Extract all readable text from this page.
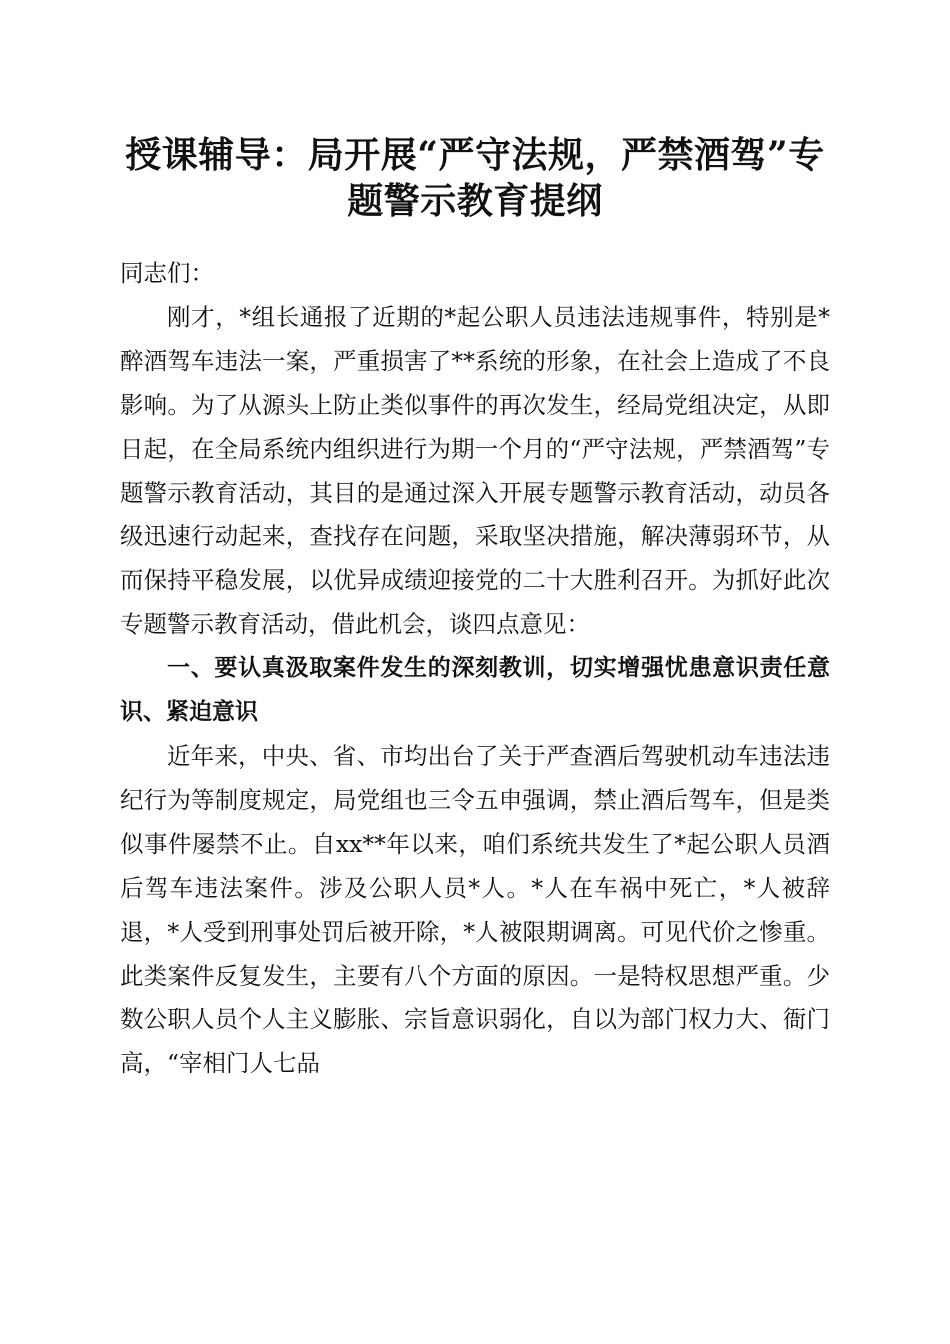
授课辅导：局开展“严守法规，严禁酒驾”专
题警示教育提纲

同志们：

刚才，*组长通报了近期的*起公职人员违法违规事件，特别是*醉酒驾车违法一案，严重损害了**系统的形象，在社会上造成了不良影响。为了从源头上防止类似事件的再次发生，经局党组决定，从即日起，在全局系统内组织进行为期一个月的“严守法规，严禁酒驾”专题警示教育活动，其目的是通过深入开展专题警示教育活动，动员各级迅速行动起来，查找存在问题，采取坚决措施，解决薄弱环节，从而保持平稳发展，以优异成绩迎接党的二十大胜利召开。为抓好此次专题警示教育活动，借此机会，谈四点意见：

一、要认真汲取案件发生的深刻教训，切实增强忧患意识责任意识、紧迫意识

近年来，中央、省、市均出台了关于严查酒后驾驶机动车违法违纪行为等制度规定，局党组也三令五申强调，禁止酒后驾车，但是类似事件屡禁不止。自xx**年以来，咱们系统共发生了*起公职人员酒后驾车违法案件。涉及公职人员*人。*人在车祸中死亡，*人被辞退，*人受到刑事处罚后被开除，*人被限期调离。可见代价之惨重。此类案件反复发生，主要有八个方面的原因。一是特权思想严重。少数公职人员个人主义膨胀、宗旨意识弱化，自以为部门权力大、衙门高，“宰相门人七品
